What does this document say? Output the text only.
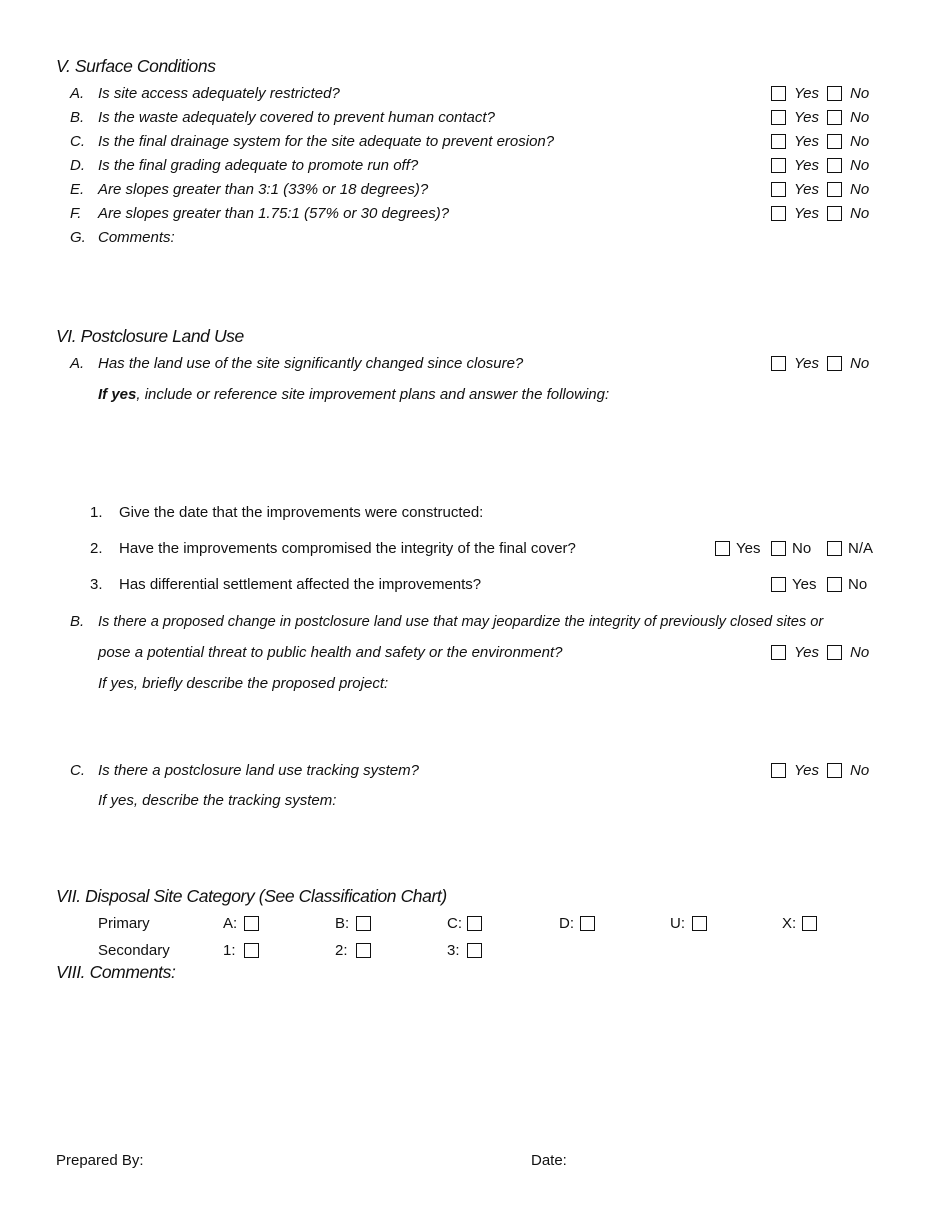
V. Surface Conditions
A. Is site access adequately restricted?	Yes No
B. Is the waste adequately covered to prevent human contact?	Yes No
C. Is the final drainage system for the site adequate to prevent erosion?	Yes No
D. Is the final grading adequate to promote run off?	Yes No
E. Are slopes greater than 3:1 (33% or 18 degrees)?	Yes No
F. Are slopes greater than 1.75:1 (57% or 30 degrees)?	Yes No
G. Comments:
VI. Postclosure Land Use
A. Has the land use of the site significantly changed since closure?	Yes No
If yes, include or reference site improvement plans and answer the following:
1. Give the date that the improvements were constructed:
2. Have the improvements compromised the integrity of the final cover?	Yes No N/A
3. Has differential settlement affected the improvements?	Yes No
B. Is there a proposed change in postclosure land use that may jeopardize the integrity of previously closed sites or
pose a potential threat to public health and safety or the environment?	Yes No
If yes, briefly describe the proposed project:
C. Is there a postclosure land use tracking system?	Yes No
If yes, describe the tracking system:
VII. Disposal Site Category (See Classification Chart)
Primary	A:	B:	C:	D:	U:	X:
Secondary	1:	2:	3:
VIII. Comments:
Prepared By:	Date:
